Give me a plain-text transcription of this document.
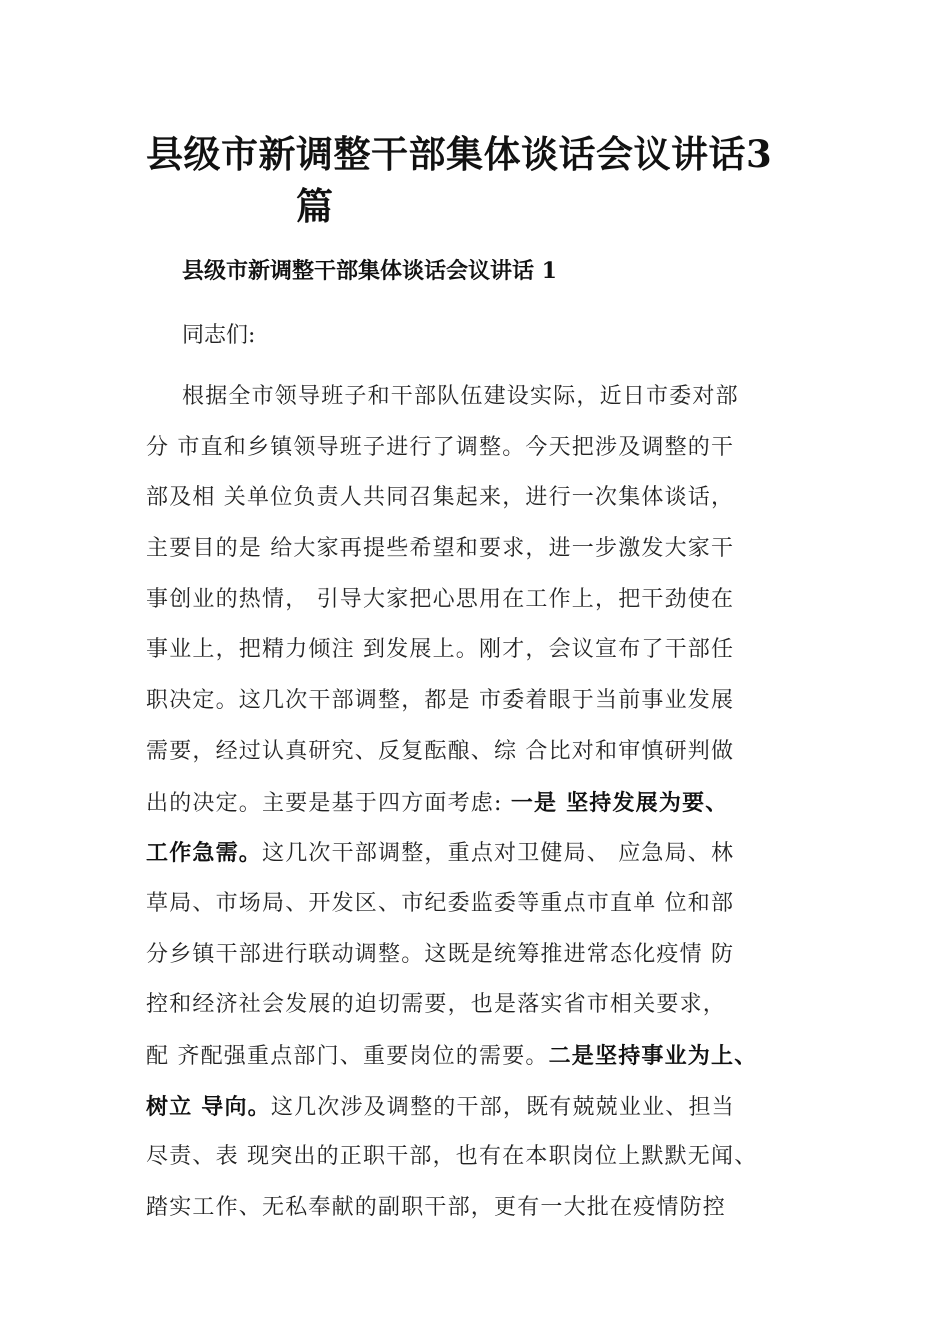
县级市新调整干部集体谈话会议讲话3
篇
县级市新调整干部集体谈话会议讲话 1

同志们:

根据全市领导班子和干部队伍建设实际，近日市委对部
分 市直和乡镇领导班子进行了调整。今天把涉及调整的干
部及相 关单位负责人共同召集起来，进行一次集体谈话，
主要目的是 给大家再提些希望和要求，进一步激发大家干
事创业的热情， 引导大家把心思用在工作上，把干劲使在
事业上，把精力倾注 到发展上。刚才，会议宣布了干部任
职决定。这几次干部调整，都是 市委着眼于当前事业发展
需要，经过认真研究、反复酝酿、综 合比对和审慎研判做
出的决定。主要是基于四方面考虑: 一是 坚持发展为要、
工作急需。这几次干部调整，重点对卫健局、 应急局、林
草局、市场局、开发区、市纪委监委等重点市直单 位和部
分乡镇干部进行联动调整。这既是统筹推进常态化疫情 防
控和经济社会发展的迫切需要，也是落实省市相关要求，
配 齐配强重点部门、重要岗位的需要。二是坚持事业为上、
树立 导向。这几次涉及调整的干部，既有兢兢业业、担当
尽责、表 现突出的正职干部，也有在本职岗位上默默无闻、
踏实工作、无私奉献的副职干部，更有一大批在疫情防控
